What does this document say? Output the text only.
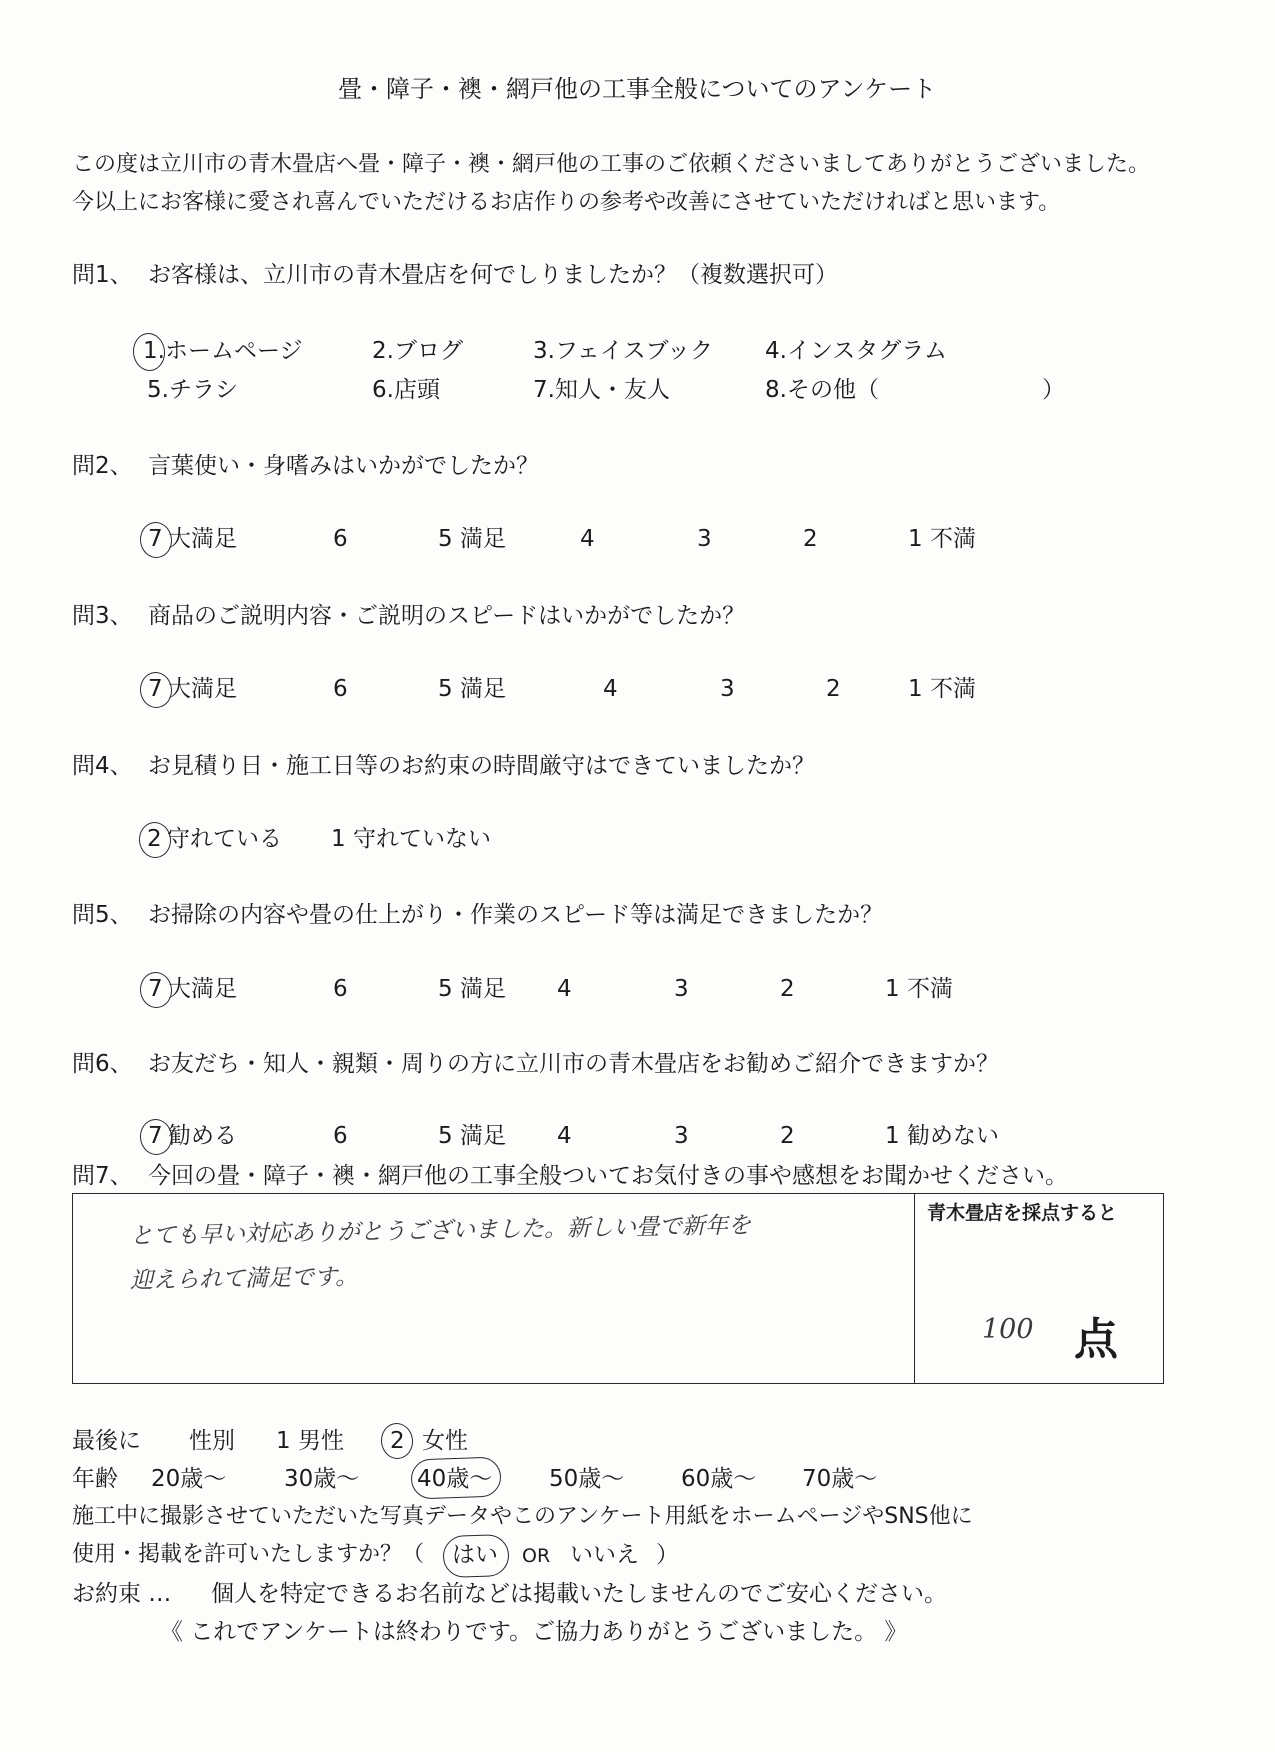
畳・障子・襖・網戸他の工事全般についてのアンケート
この度は立川市の青木畳店へ畳・障子・襖・網戸他の工事のご依頼くださいましてありがとうございました。
今以上にお客様に愛され喜んでいただけるお店作りの参考や改善にさせていただければと思います。
問1、 お客様は、立川市の青木畳店を何でしりましたか？（複数選択可）
1.ホームページ	2.ブログ	3.フェイスブック 4.インスタグラム
5.チラシ	6.店頭	7.知人・友人	8.その他（	）
問2、 言葉使い・身嗜みはいかがでしたか？
7 大満足	6	5 満足	4	3	2	1 不満
問3、 商品のご説明内容・ご説明のスピードはいかがでしたか？
7 大満足	6	5 満足	4	3	2	1 不満
問4、 お見積り日・施工日等のお約束の時間厳守はできていましたか？
2 守れている 1 守れていない
問5、 お掃除の内容や畳の仕上がり・作業のスピード等は満足できましたか？
7 大満足	6	5 満足 4	3	2	1 不満
問6、 お友だち・知人・親類・周りの方に立川市の青木畳店をお勧めご紹介できますか？
7 勧める	6	5 満足 4	3	2	1 勧めない
問7、 今回の畳・障子・襖・網戸他の工事全般ついてお気付きの事や感想をお聞かせください。
とても早い対応ありがとうございました。新しい畳で新年を
迎えられて満足です。
青木畳店を採点すると
100 点
最後に 性別 1 男性 2 女性
年齢 20歳～	30歳～	40歳～ 50歳～ 60歳～ 70歳～
施工中に撮影させていただいた写真データやこのアンケート用紙をホームページやSNS他に
使用・掲載を許可いたしますか？（ はい OR いいえ ）
お約束 … 個人を特定できるお名前などは掲載いたしませんのでご安心ください。
《 これでアンケートは終わりです。ご協力ありがとうございました。 》
